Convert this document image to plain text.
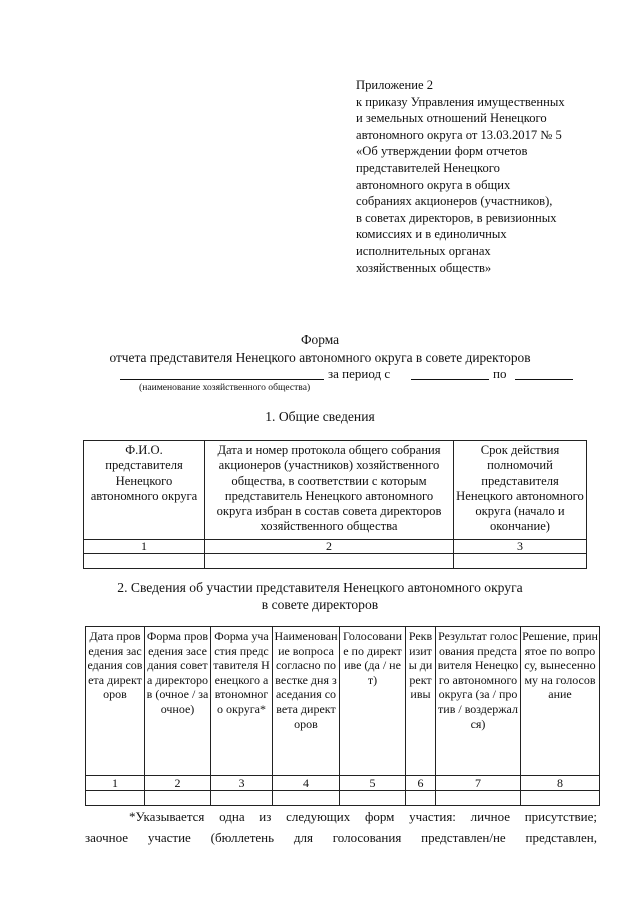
Приложение 2
к приказу Управления имущественных
и земельных отношений Ненецкого
автономного округа от 13.03.2017 № 5
«Об утверждении форм отчетов
представителей Ненецкого
автономного округа в общих
собраниях акционеров (участников),
в советах директоров, в ревизионных
комиссиях и в единоличных
исполнительных органах
хозяйственных обществ»
Форма
отчета представителя Ненецкого автономного округа в совете директоров
за период с	по
(наименование хозяйственного общества)
1. Общие сведения
Ф.И.О. представителя Ненецкого автономного округа	Дата и номер протокола общего собрания акционеров (участников) хозяйственного общества, в соответствии с которым представитель Ненецкого автономного округа избран в состав совета директоров хозяйственного общества	Срок действия полномочий представителя Ненецкого автономного округа (начало и окончание)
1	2	3

2. Сведения об участии представителя Ненецкого автономного округа
в совете директоров
Дата проведения заседания совета директоров	Форма проведения заседания совета директоров (очное / заочное)	Форма участия представителя Ненецкого автономного округа*	Наименование вопроса согласно повестке дня заседания совета директоров	Голосование по директиве (да / нет)	Реквизиты директивы	Результат голосования представителя Ненецкого автономного округа (за / против / воздержался)	Решение, принятое по вопросу, вынесенному на голосование
1	2	3	4	5	6	7	8

*Указывается одна из следующих форм участия: личное присутствие;

заочное участие (бюллетень для голосования представлен/не представлен,
